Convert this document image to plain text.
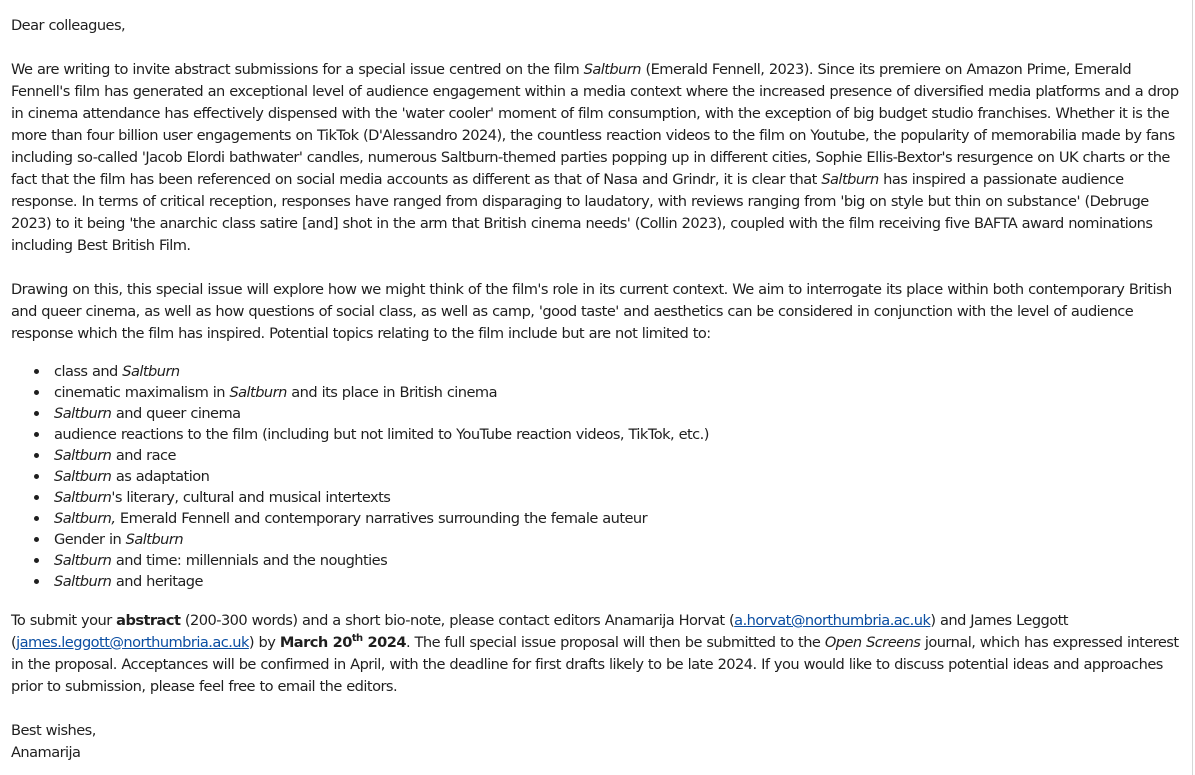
Dear colleagues,

We are writing to invite abstract submissions for a special issue centred on the film Saltburn (Emerald Fennell, 2023). Since its premiere on Amazon Prime, Emerald Fennell's film has generated an exceptional level of audience engagement within a media context where the increased presence of diversified media platforms and a drop in cinema attendance has effectively dispensed with the 'water cooler' moment of film consumption, with the exception of big budget studio franchises. Whether it is the more than four billion user engagements on TikTok (D'Alessandro 2024), the countless reaction videos to the film on Youtube, the popularity of memorabilia made by fans including so-called 'Jacob Elordi bathwater' candles, numerous Saltburn-themed parties popping up in different cities, Sophie Ellis-Bextor's resurgence on UK charts or the fact that the film has been referenced on social media accounts as different as that of Nasa and Grindr, it is clear that Saltburn has inspired a passionate audience response. In terms of critical reception, responses have ranged from disparaging to laudatory, with reviews ranging from 'big on style but thin on substance' (Debruge 2023) to it being 'the anarchic class satire [and] shot in the arm that British cinema needs' (Collin 2023), coupled with the film receiving five BAFTA award nominations including Best British Film.

Drawing on this, this special issue will explore how we might think of the film's role in its current context. We aim to interrogate its place within both contemporary British and queer cinema, as well as how questions of social class, as well as camp, 'good taste' and aesthetics can be considered in conjunction with the level of audience response which the film has inspired. Potential topics relating to the film include but are not limited to:

class and Saltburn
cinematic maximalism in Saltburn and its place in British cinema
Saltburn and queer cinema
audience reactions to the film (including but not limited to YouTube reaction videos, TikTok, etc.)
Saltburn and race
Saltburn as adaptation
Saltburn's literary, cultural and musical intertexts
Saltburn, Emerald Fennell and contemporary narratives surrounding the female auteur
Gender in Saltburn
Saltburn and time: millennials and the noughties
Saltburn and heritage

To submit your abstract (200-300 words) and a short bio-note, please contact editors Anamarija Horvat (a.horvat@northumbria.ac.uk) and James Leggott (james.leggott@northumbria.ac.uk) by March 20th 2024. The full special issue proposal will then be submitted to the Open Screens journal, which has expressed interest in the proposal. Acceptances will be confirmed in April, with the deadline for first drafts likely to be late 2024. If you would like to discuss potential ideas and approaches prior to submission, please feel free to email the editors.

Best wishes,

Anamarija
